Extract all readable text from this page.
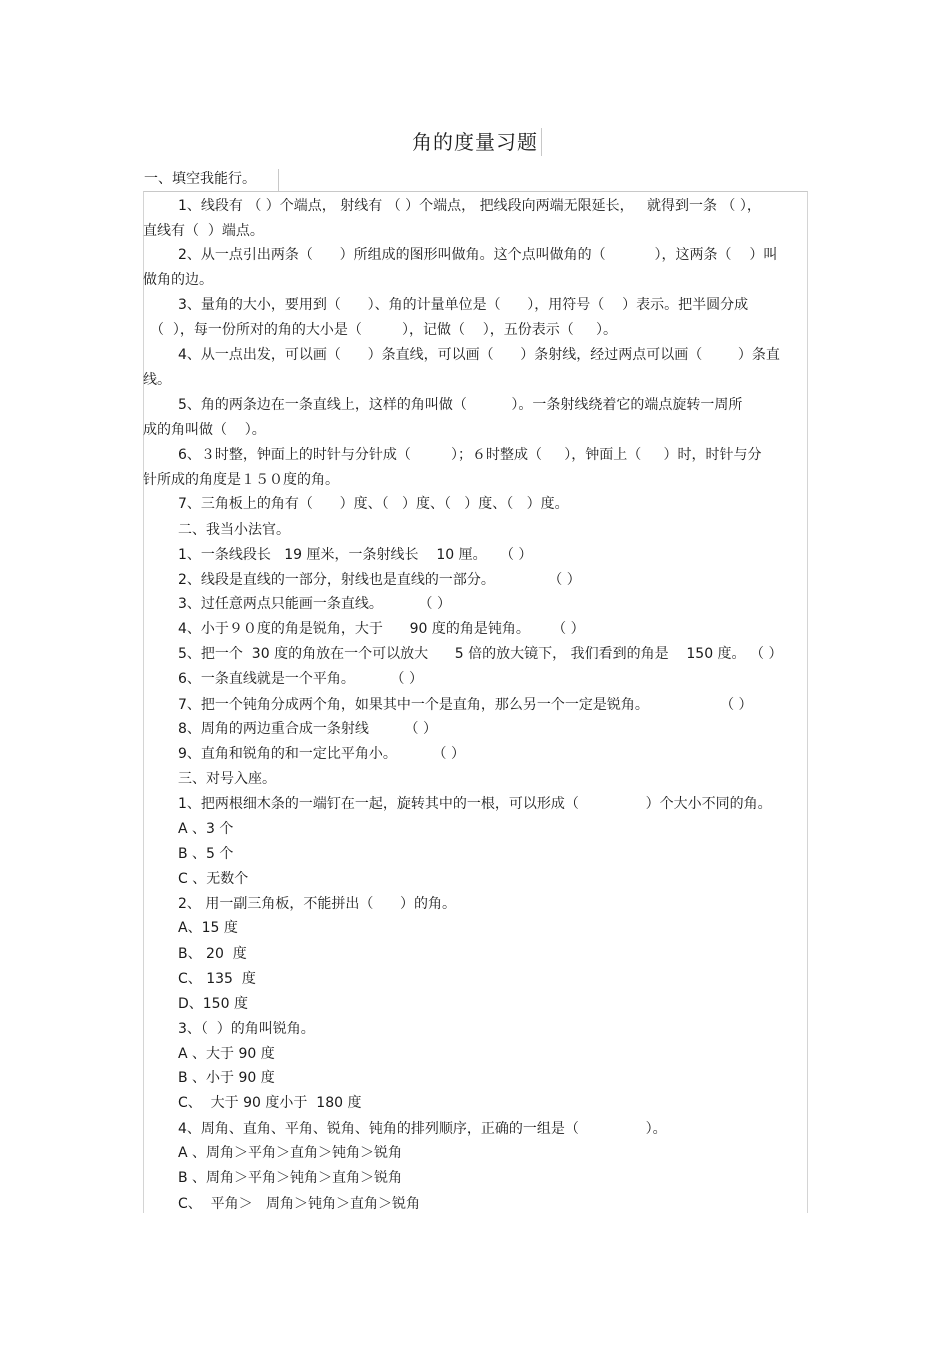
角的度量习题
一、填空我能行。
1、线段有 （ ）个端点， 射线有 （ ）个端点， 把线段向两端无限延长，   就得到一条 （ ），
直线有（  ）端点。
2、从一点引出两条（      ）所组成的图形叫做角。这个点叫做角的（           ），这两条（    ）叫
做角的边。
3、量角的大小，要用到（      ）、角的计量单位是（      ），用符号（    ）表示。把半圆分成
（  ），每一份所对的角的大小是（         ），记做（    ），五份表示（     ）。
4、从一点出发，可以画（      ）条直线，可以画（      ）条射线，经过两点可以画（        ）条直
线。
5、角的两条边在一条直线上，这样的角叫做（          ）。一条射线绕着它的端点旋转一周所
成的角叫做（    ）。
6、３时整，钟面上的时针与分针成（         ）；６时整成（     ），钟面上（     ）时，时针与分
针所成的角度是１５０度的角。
7、三角板上的角有（      ）度、（   ）度、（   ）度、（   ）度。
二、我当小法官。
1、一条线段长   19 厘米，一条射线长    10 厘。   （ ）
2、线段是直线的一部分，射线也是直线的一部分。            （ ）
3、过任意两点只能画一条直线。        （ ）
4、小于９０度的角是锐角，大于      90 度的角是钝角。     （ ）
5、把一个  30 度的角放在一个可以放大      5 倍的放大镜下， 我们看到的角是    150 度。 （ ）
6、一条直线就是一个平角。        （ ）
7、把一个钝角分成两个角，如果其中一个是直角，那么另一个一定是锐角。                （ ）
8、周角的两边重合成一条射线        （ ）
9、直角和锐角的和一定比平角小。        （ ）
三、对号入座。
1、把两根细木条的一端钉在一起，旋转其中的一根，可以形成（               ）个大小不同的角。
A 、3 个
B 、5 个
C 、无数个
2、 用一副三角板，不能拼出（      ）的角。
A、15 度
B、 20  度
C、 135  度
D、150 度
3、（  ）的角叫锐角。
A 、大于 90 度
B 、小于 90 度
C、  大于 90 度小于  180 度
4、周角、直角、平角、锐角、钝角的排列顺序，正确的一组是（               ）。
A 、周角＞平角＞直角＞钝角＞锐角
B 、周角＞平角＞钝角＞直角＞锐角
C、  平角＞   周角＞钝角＞直角＞锐角
